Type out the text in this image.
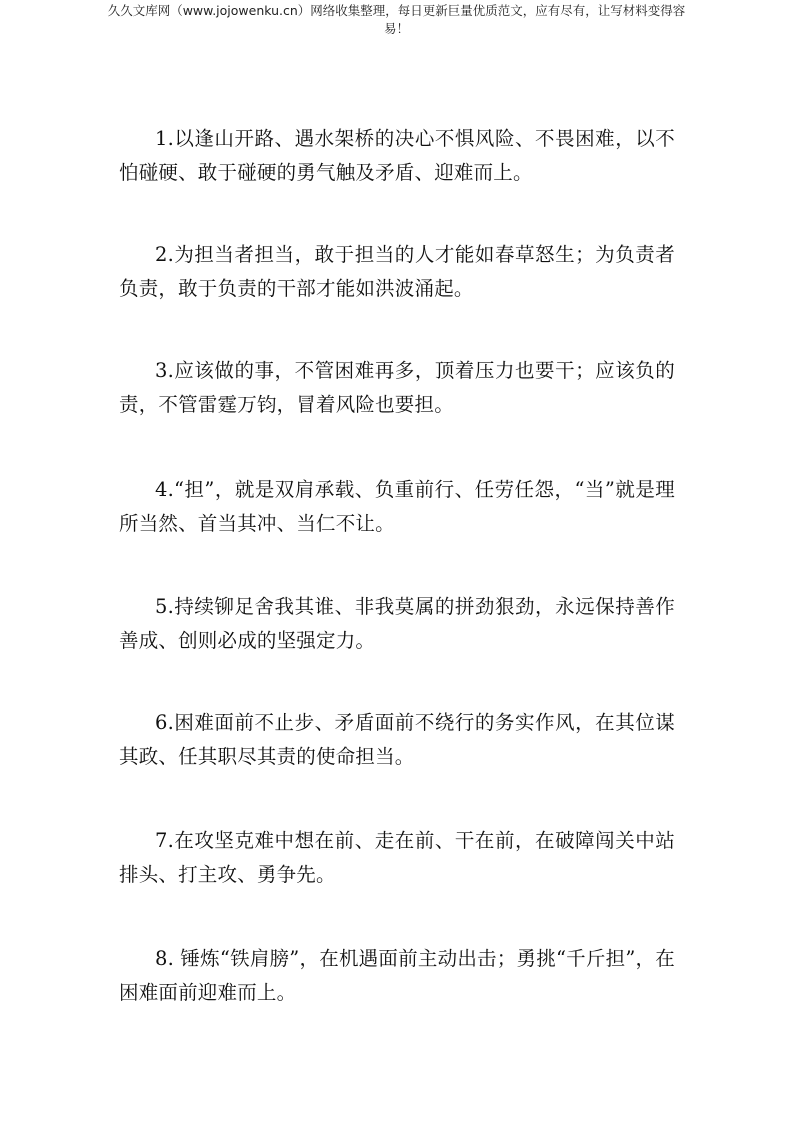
久久文库网（www.jojowenku.cn）网络收集整理，每日更新巨量优质范文，应有尽有，让写材料变得容
易！
1.以逢山开路、遇水架桥的决心不惧风险、不畏困难，以不怕碰硬、敢于碰硬的勇气触及矛盾、迎难而上。
2.为担当者担当，敢于担当的人才能如春草怒生；为负责者负责，敢于负责的干部才能如洪波涌起。
3.应该做的事，不管困难再多，顶着压力也要干；应该负的责，不管雷霆万钧，冒着风险也要担。
4.“担”，就是双肩承载、负重前行、任劳任怨，“当”就是理所当然、首当其冲、当仁不让。
5.持续铆足舍我其谁、非我莫属的拼劲狠劲，永远保持善作善成、创则必成的坚强定力。
6.困难面前不止步、矛盾面前不绕行的务实作风，在其位谋其政、任其职尽其责的使命担当。
7.在攻坚克难中想在前、走在前、干在前，在破障闯关中站排头、打主攻、勇争先。
8. 锤炼“铁肩膀”，在机遇面前主动出击；勇挑“千斤担”，在困难面前迎难而上。
